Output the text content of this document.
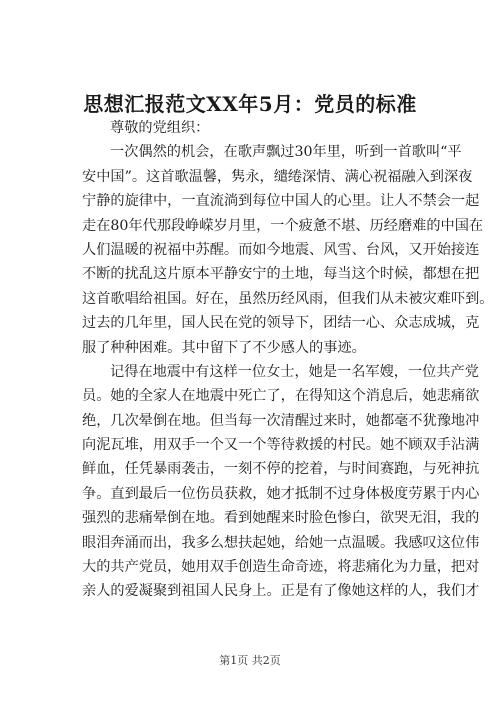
思想汇报范文XX年5月：党员的标准
尊敬的党组织：
一次偶然的机会，在歌声飘过30年里，听到一首歌叫“平
安中国”。这首歌温馨，隽永，缱绻深情、满心祝福融入到深夜
宁静的旋律中，一直流淌到每位中国人的心里。让人不禁会一起
走在80年代那段峥嵘岁月里，一个疲惫不堪、历经磨难的中国在
人们温暖的祝福中苏醒。而如今地震、风雪、台风，又开始接连
不断的扰乱这片原本平静安宁的土地，每当这个时候，都想在把
这首歌唱给祖国。好在，虽然历经风雨，但我们从未被灾难吓到。
过去的几年里，国人民在党的领导下，团结一心、众志成城，克
服了种种困难。其中留下了不少感人的事迹。
记得在地震中有这样一位女士，她是一名军嫂，一位共产党
员。她的全家人在地震中死亡了，在得知这个消息后，她悲痛欲
绝，几次晕倒在地。但当每一次清醒过来时，她都毫不犹豫地冲
向泥瓦堆，用双手一个又一个等待救援的村民。她不顾双手沾满
鲜血，任凭暴雨袭击，一刻不停的挖着，与时间赛跑，与死神抗
争。直到最后一位伤员获救，她才抵制不过身体极度劳累于内心
强烈的悲痛晕倒在地。看到她醒来时脸色惨白，欲哭无泪，我的
眼泪奔涌而出，我多么想扶起她，给她一点温暖。我感叹这位伟
大的共产党员，她用双手创造生命奇迹，将悲痛化为力量，把对
亲人的爱凝聚到祖国人民身上。正是有了像她这样的人，我们才
第1页 共2页
